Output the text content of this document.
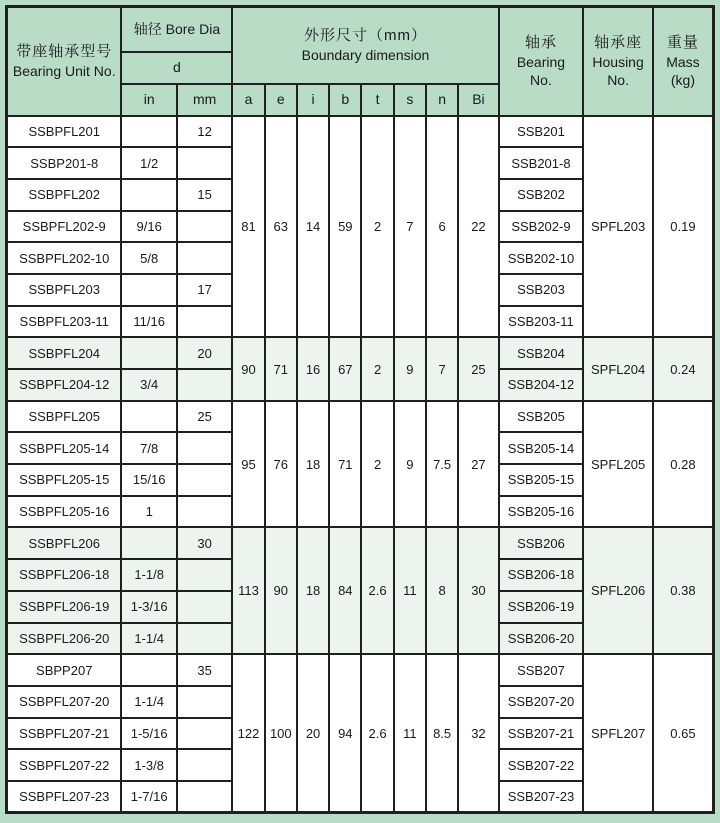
带座轴承型号
Bearing Unit No.
	轴径 Bore Dia	外形尺寸（mm）
Boundary dimension

轴承
Bearing
No.

轴承座
Housing
No.

重量
Mass
(kg)

	d												
	in	mm	a	e	i	b	t	s	n	Bi			
SSBPFL201		12	81	63	14	59	2	7	6	22	SSB201	SPFL203	0.19
SSBP201-8	1/2										SSB201-8		
SSBPFL202		15									SSB202		
SSBPFL202-9	9/16										SSB202-9		
SSBPFL202-10	5/8										SSB202-10		
SSBPFL203		17									SSB203		
SSBPFL203-11	11/16										SSB203-11		
SSBPFL204		20	90	71	16	67	2	9	7	25	SSB204	SPFL204	0.24
SSBPFL204-12	3/4										SSB204-12		
SSBPFL205		25	95	76	18	71	2	9	7.5	27	SSB205	SPFL205	0.28
SSBPFL205-14	7/8										SSB205-14		
SSBPFL205-15	15/16										SSB205-15		
SSBPFL205-16	1										SSB205-16		
SSBPFL206		30	113	90	18	84	2.6	11	8	30	SSB206	SPFL206	0.38
SSBPFL206-18	1-1/8										SSB206-18		
SSBPFL206-19	1-3/16										SSB206-19		
SSBPFL206-20	1-1/4										SSB206-20		
SBPP207		35	122	100	20	94	2.6	11	8.5	32	SSB207	SPFL207	0.65
SSBPFL207-20	1-1/4										SSB207-20		
SSBPFL207-21	1-5/16										SSB207-21		
SSBPFL207-22	1-3/8										SSB207-22		
SSBPFL207-23	1-7/16										SSB207-23		
